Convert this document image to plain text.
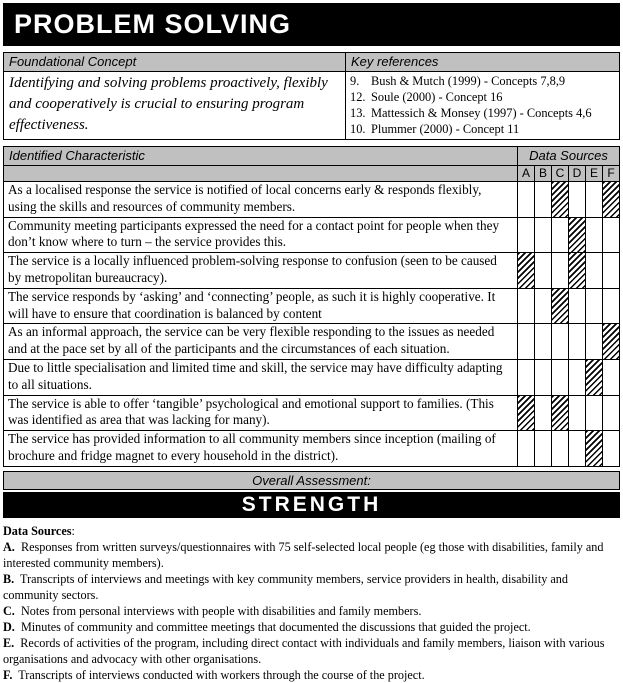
PROBLEM SOLVING
Foundational Concept	Key references
Identifying and solving problems proactively, flexibly and cooperatively is crucial to ensuring program effectiveness.
9. Bush & Mutch (1999) - Concepts 7,8,9
12. Soule (2000) - Concept 16
13. Mattessich & Monsey (1997) - Concepts 4,6
10. Plummer (2000) - Concept 11
Identified Characteristic	Data Sources
A B C D E F
As a localised response the service is notified of local concerns early & responds flexibly, using the skills and resources of community members.
Community meeting participants expressed the need for a contact point for people when they don’t know where to turn – the service provides this.
The service is a locally influenced problem-solving response to confusion (seen to be caused by metropolitan bureaucracy).
The service responds by ‘asking’ and ‘connecting’ people, as such it is highly cooperative. It will have to ensure that coordination is balanced by content
As an informal approach, the service can be very flexible responding to the issues as needed and at the pace set by all of the participants and the circumstances of each situation.
Due to little specialisation and limited time and skill, the service may have difficulty adapting to all situations.
The service is able to offer ‘tangible’ psychological and emotional support to families. (This was identified as area that was lacking for many).
The service has provided information to all community members since inception (mailing of brochure and fridge magnet to every household in the district).
Overall Assessment:
STRENGTH
Data Sources:
A.  Responses from written surveys/questionnaires with 75 self-selected local people (eg those with disabilities, family and interested community members).
B.  Transcripts of interviews and meetings with key community members, service providers in health, disability and community sectors.
C.  Notes from personal interviews with people with disabilities and family members.
D.  Minutes of community and committee meetings that documented the discussions that guided the project.
E.  Records of activities of the program, including direct contact with individuals and family members, liaison with various organisations and advocacy with other organisations.
F.  Transcripts of interviews conducted with workers through the course of the project.
